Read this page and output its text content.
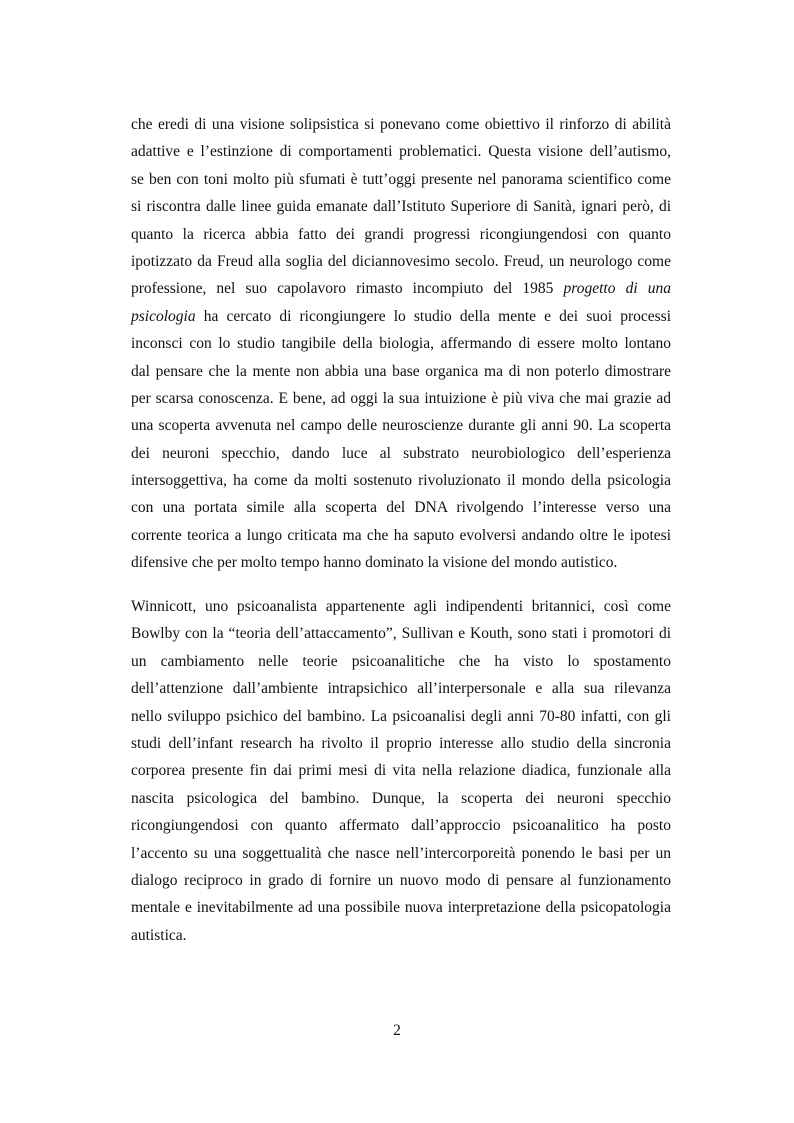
che eredi di una visione solipsistica si ponevano come obiettivo il rinforzo di abilità
adattive e l’estinzione di comportamenti problematici. Questa visione dell’autismo,
se ben con toni molto più sfumati è tutt’oggi presente nel panorama scientifico come
si riscontra dalle linee guida emanate dall’Istituto Superiore di Sanità, ignari però, di
quanto la ricerca abbia fatto dei grandi progressi ricongiungendosi con quanto
ipotizzato da Freud alla soglia del diciannovesimo secolo. Freud, un neurologo come
professione, nel suo capolavoro rimasto incompiuto del 1985 progetto di una
psicologia ha cercato di ricongiungere lo studio della mente e dei suoi processi
inconsci con lo studio tangibile della biologia, affermando di essere molto lontano
dal pensare che la mente non abbia una base organica ma di non poterlo dimostrare
per scarsa conoscenza. E bene, ad oggi la sua intuizione è più viva che mai grazie ad
una scoperta avvenuta nel campo delle neuroscienze durante gli anni 90. La scoperta
dei neuroni specchio, dando luce al substrato neurobiologico dell’esperienza
intersoggettiva, ha come da molti sostenuto rivoluzionato il mondo della psicologia
con una portata simile alla scoperta del DNA rivolgendo l’interesse verso una
corrente teorica a lungo criticata ma che ha saputo evolversi andando oltre le ipotesi
difensive che per molto tempo hanno dominato la visione del mondo autistico.
Winnicott, uno psicoanalista appartenente agli indipendenti britannici, così come
Bowlby con la “teoria dell’attaccamento”, Sullivan e Kouth, sono stati i promotori di
un cambiamento nelle teorie psicoanalitiche che ha visto lo spostamento
dell’attenzione dall’ambiente intrapsichico all’interpersonale e alla sua rilevanza
nello sviluppo psichico del bambino. La psicoanalisi degli anni 70-80 infatti, con gli
studi dell’infant research ha rivolto il proprio interesse allo studio della sincronia
corporea presente fin dai primi mesi di vita nella relazione diadica, funzionale alla
nascita psicologica del bambino. Dunque, la scoperta dei neuroni specchio
ricongiungendosi con quanto affermato dall’approccio psicoanalitico ha posto
l’accento su una soggettualità che nasce nell’intercorporeità ponendo le basi per un
dialogo reciproco in grado di fornire un nuovo modo di pensare al funzionamento
mentale e inevitabilmente ad una possibile nuova interpretazione della psicopatologia
autistica.
2
